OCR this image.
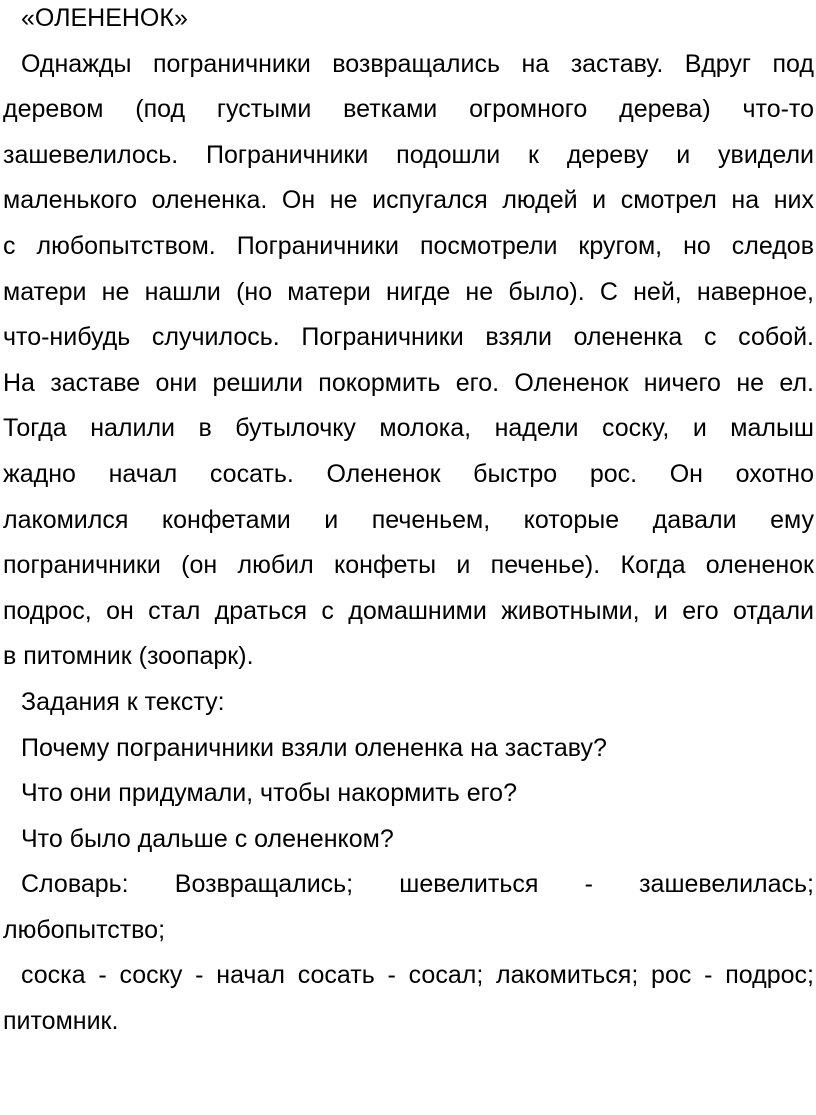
«ОЛЕНЕНОК»

Однажды пограничники возвращались на заставу. Вдруг под

деревом (под густыми ветками огромного дерева) что-то

зашевелилось. Пограничники подошли к дереву и увидели

маленького олененка. Он не испугался людей и смотрел на них

с любопытством. Пограничники посмотрели кругом, но следов

матери не нашли (но матери нигде не было). С ней, наверное,

что-нибудь случилось. Пограничники взяли олененка с собой.

На заставе они решили покормить его. Олененок ничего не ел.

Тогда налили в бутылочку молока, надели соску, и малыш

жадно начал сосать. Олененок быстро рос. Он охотно

лакомился конфетами и печеньем, которые давали ему

пограничники (он любил конфеты и печенье). Когда олененок

подрос, он стал драться с домашними животными, и его отдали

в питомник (зоопарк).

Задания к тексту:

Почему пограничники взяли олененка на заставу?

Что они придумали, чтобы накормить его?

Что было дальше с олененком?

Словарь: Возвращались; шевелиться - зашевелилась;

любопытство;

соска - соску - начал сосать - сосал; лакомиться; рос - подрос;

питомник.
